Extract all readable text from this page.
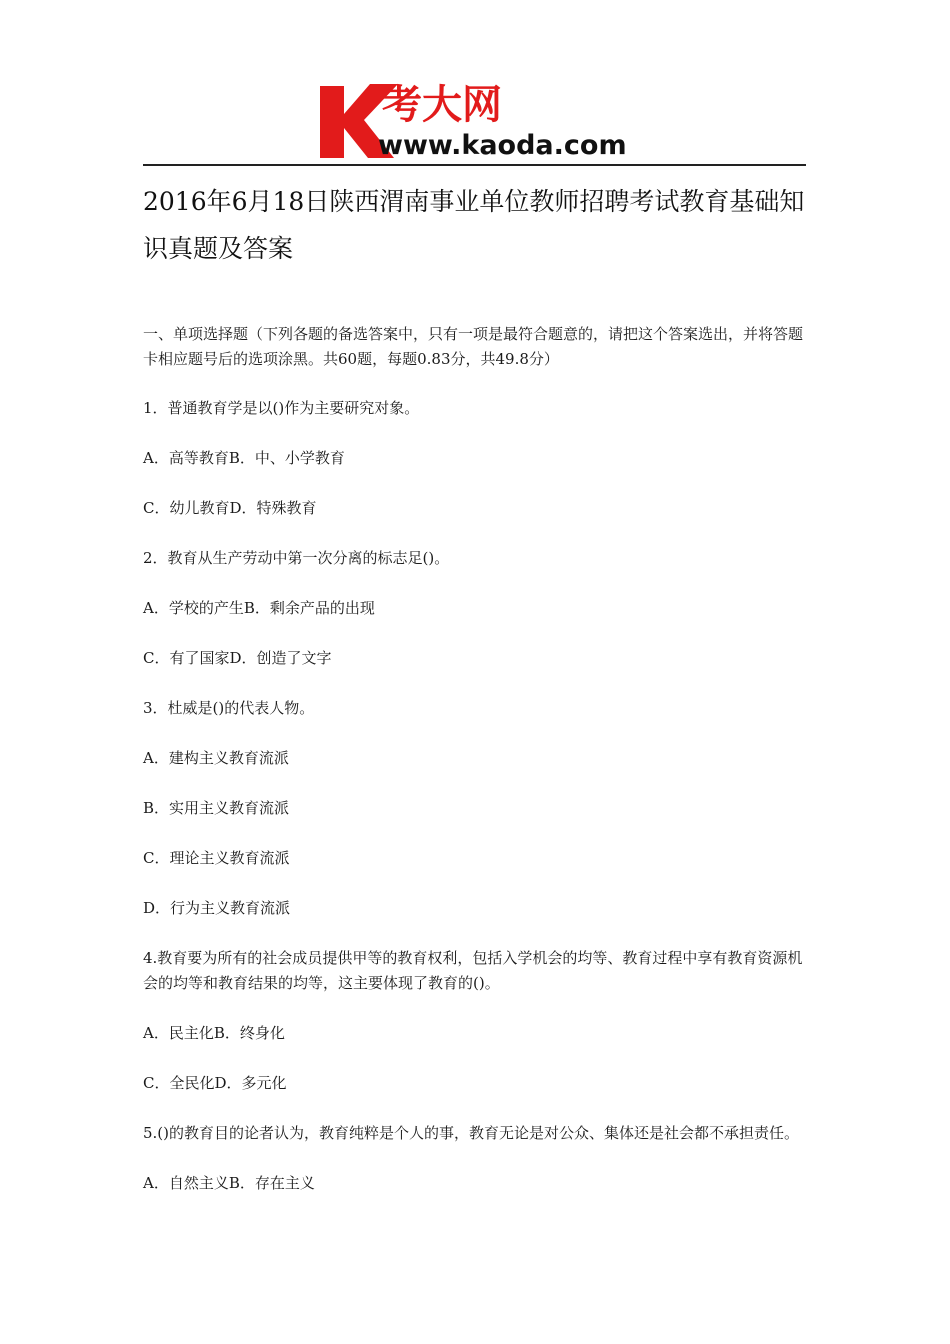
考大网
www.kaoda.com
2016年6月18日陕西渭南事业单位教师招聘考试教育基础知识真题及答案

一、单项选择题（下列各题的备选答案中，只有一项是最符合题意的，请把这个答案选出，并将答题卡相应题号后的选项涂黑。共60题，每题0.83分，共49.8分）

1．普通教育学是以()作为主要研究对象。

A．高等教育B．中、小学教育

C．幼儿教育D．特殊教育

2．教育从生产劳动中第一次分离的标志足()。

A．学校的产生B．剩余产品的出现

C．有了国家D．创造了文字

3．杜威是()的代表人物。

A．建构主义教育流派

B．实用主义教育流派

C．理论主义教育流派

D．行为主义教育流派

4.教育要为所有的社会成员提供甲等的教育权利，包括入学机会的均等、教育过程中享有教育资源机会的均等和教育结果的均等，这主要体现了教育的()。

A．民主化B．终身化

C．全民化D．多元化

5.()的教育目的论者认为，教育纯粹是个人的事，教育无论是对公众、集体还是社会都不承担责任。

A．自然主义B．存在主义
